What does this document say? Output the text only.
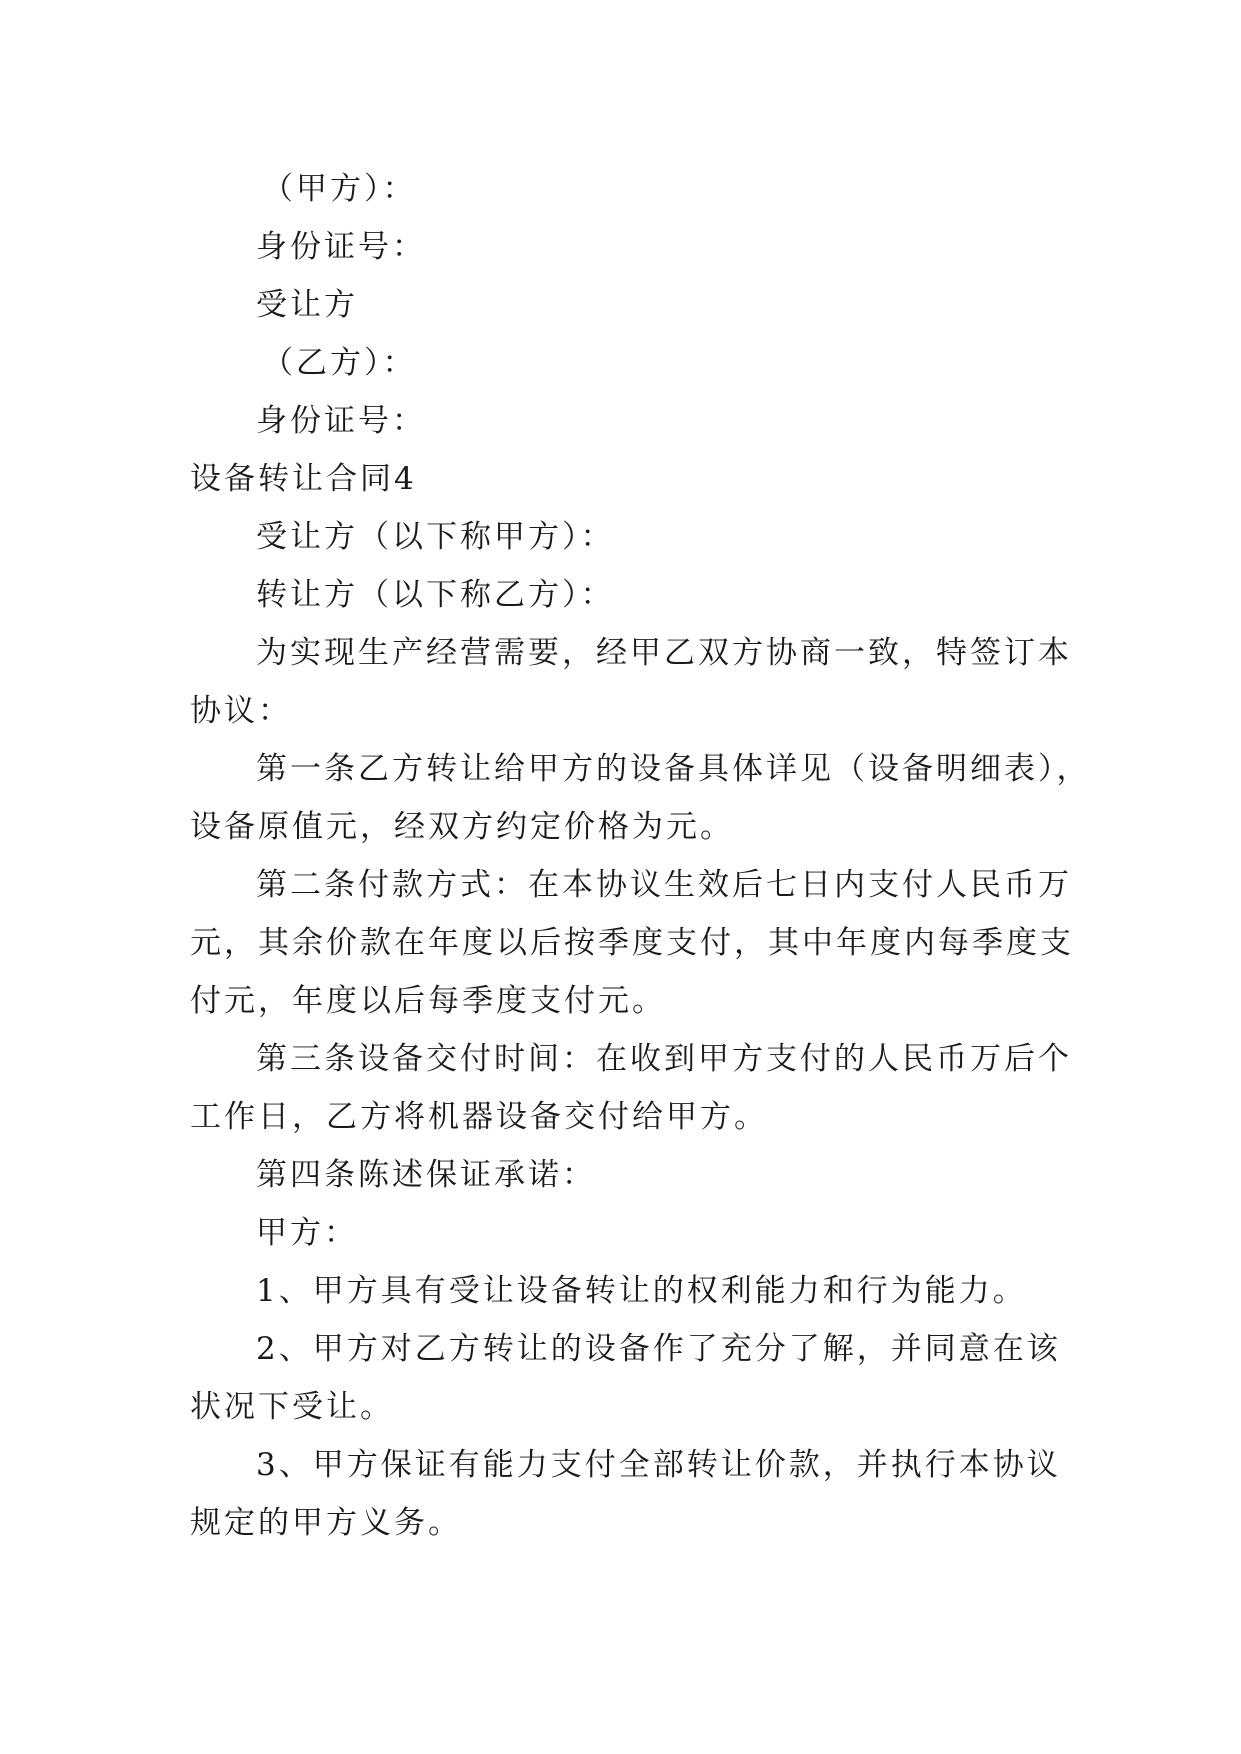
（甲方）：
身份证号：
受让方
（乙方）：
身份证号：
设备转让合同4
受让方（以下称甲方）：
转让方（以下称乙方）：
为实现生产经营需要，经甲乙双方协商一致，特签订本
协议：
第一条乙方转让给甲方的设备具体详见（设备明细表），
设备原值元，经双方约定价格为元。
第二条付款方式：在本协议生效后七日内支付人民币万
元，其余价款在年度以后按季度支付，其中年度内每季度支
付元，年度以后每季度支付元。
第三条设备交付时间：在收到甲方支付的人民币万后个
工作日，乙方将机器设备交付给甲方。
第四条陈述保证承诺：
甲方：
1、甲方具有受让设备转让的权利能力和行为能力。
2、甲方对乙方转让的设备作了充分了解，并同意在该
状况下受让。
3、甲方保证有能力支付全部转让价款，并执行本协议
规定的甲方义务。
